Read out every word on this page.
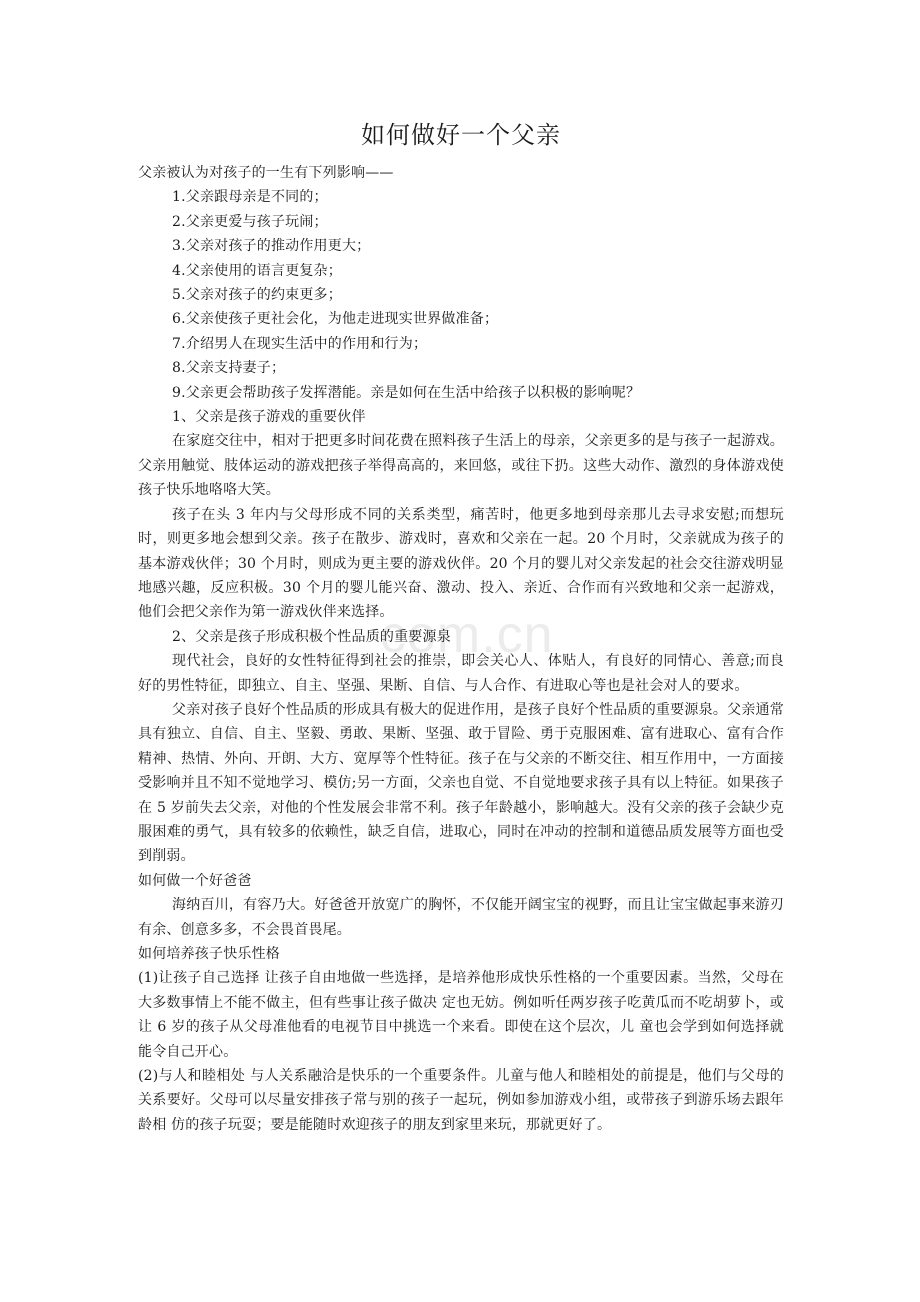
com.cn
如何做好一个父亲

父亲被认为对孩子的一生有下列影响——

1.父亲跟母亲是不同的；
2.父亲更爱与孩子玩闹；
3.父亲对孩子的推动作用更大；
4.父亲使用的语言更复杂；
5.父亲对孩子的约束更多；
6.父亲使孩子更社会化，为他走进现实世界做准备；
7.介绍男人在现实生活中的作用和行为；
8.父亲支持妻子；
9.父亲更会帮助孩子发挥潜能。亲是如何在生活中给孩子以积极的影响呢？

1、父亲是孩子游戏的重要伙伴

在家庭交往中，相对于把更多时间花费在照料孩子生活上的母亲，父亲更多的是与孩子一起游戏。父亲用触觉、肢体运动的游戏把孩子举得高高的，来回悠，或往下扔。这些大动作、激烈的身体游戏使孩子快乐地咯咯大笑。

孩子在头 3 年内与父母形成不同的关系类型，痛苦时，他更多地到母亲那儿去寻求安慰;而想玩时，则更多地会想到父亲。孩子在散步、游戏时，喜欢和父亲在一起。20 个月时，父亲就成为孩子的基本游戏伙伴；30 个月时，则成为更主要的游戏伙伴。20 个月的婴儿对父亲发起的社会交往游戏明显地感兴趣，反应积极。30 个月的婴儿能兴奋、激动、投入、亲近、合作而有兴致地和父亲一起游戏，他们会把父亲作为第一游戏伙伴来选择。

2、父亲是孩子形成积极个性品质的重要源泉

现代社会，良好的女性特征得到社会的推崇，即会关心人、体贴人，有良好的同情心、善意;而良好的男性特征，即独立、自主、坚强、果断、自信、与人合作、有进取心等也是社会对人的要求。

父亲对孩子良好个性品质的形成具有极大的促进作用，是孩子良好个性品质的重要源泉。父亲通常具有独立、自信、自主、坚毅、勇敢、果断、坚强、敢于冒险、勇于克服困难、富有进取心、富有合作精神、热情、外向、开朗、大方、宽厚等个性特征。孩子在与父亲的不断交往、相互作用中，一方面接受影响并且不知不觉地学习、模仿;另一方面，父亲也自觉、不自觉地要求孩子具有以上特征。如果孩子在 5 岁前失去父亲，对他的个性发展会非常不利。孩子年龄越小，影响越大。没有父亲的孩子会缺少克服困难的勇气，具有较多的依赖性，缺乏自信，进取心，同时在冲动的控制和道德品质发展等方面也受到削弱。

如何做一个好爸爸

海纳百川，有容乃大。好爸爸开放宽广的胸怀，不仅能开阔宝宝的视野，而且让宝宝做起事来游刃有余、创意多多，不会畏首畏尾。

如何培养孩子快乐性格

(1)让孩子自己选择 让孩子自由地做一些选择，是培养他形成快乐性格的一个重要因素。当然，父母在大多数事情上不能不做主，但有些事让孩子做决 定也无妨。例如听任两岁孩子吃黄瓜而不吃胡萝卜，或让 6 岁的孩子从父母准他看的电视节目中挑选一个来看。即使在这个层次，儿 童也会学到如何选择就能令自己开心。

(2)与人和睦相处 与人关系融洽是快乐的一个重要条件。儿童与他人和睦相处的前提是，他们与父母的关系要好。父母可以尽量安排孩子常与别的孩子一起玩，例如参加游戏小组，或带孩子到游乐场去跟年龄相 仿的孩子玩耍；要是能随时欢迎孩子的朋友到家里来玩，那就更好了。
